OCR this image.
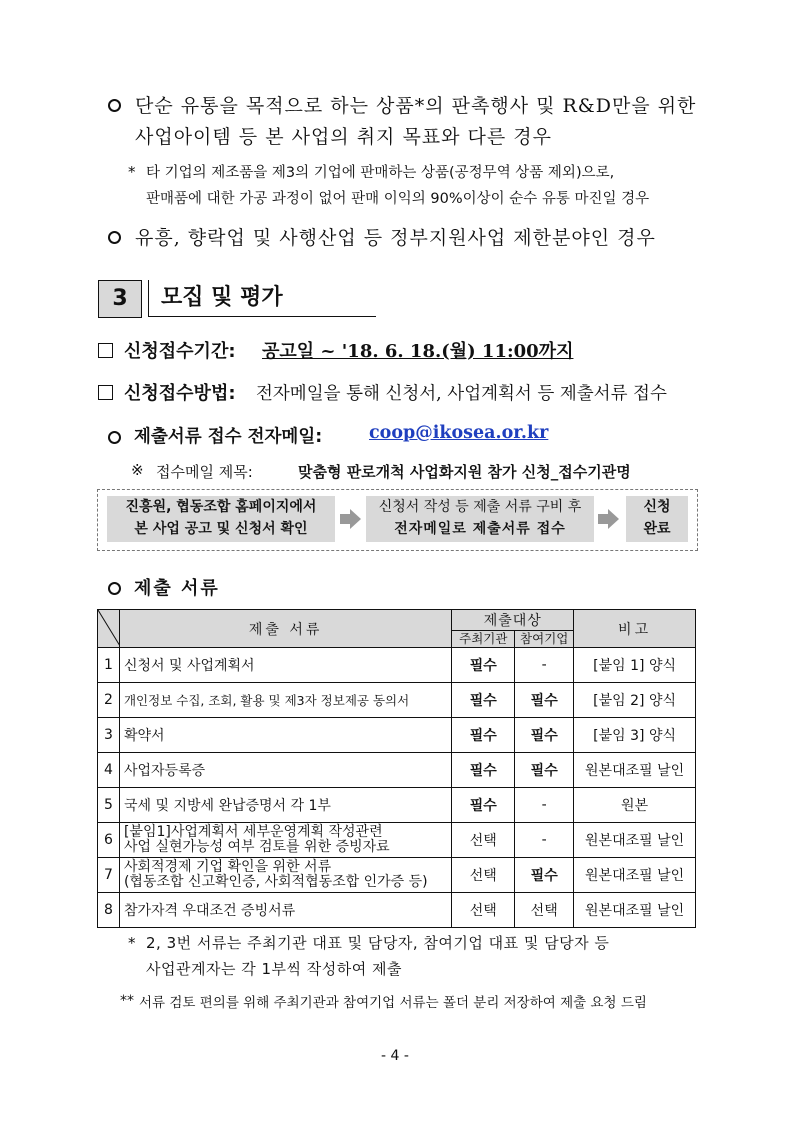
단순 유통을 목적으로 하는 상품*의 판촉행사 및 R&D만을 위한
사업아이템 등 본 사업의 취지 목표와 다른 경우
* 타 기업의 제조품을 제3의 기업에 판매하는 상품(공정무역 상품 제외)으로,
판매품에 대한 가공 과정이 없어 판매 이익의 90%이상이 순수 유통 마진일 경우
유흥, 향락업 및 사행산업 등 정부지원사업 제한분야인 경우
3	모집 및 평가
신청접수기간: 공고일 ~ '18. 6. 18.(월) 11:00까지
신청접수방법: 전자메일을 통해 신청서, 사업계획서 등 제출서류 접수
제출서류 접수 전자메일:	coop@ikosea.or.kr
※ 접수메일 제목:	맞춤형 판로개척 사업화지원 참가 신청_접수기관명
진흥원, 협동조합 홈페이지에서
본 사업 공고 및 신청서 확인
신청서 작성 등 제출 서류 구비 후
전자메일로 제출서류 접수
신청
완료
제출 서류
	제출 서류	제출대상		비고
		주최기관	참여기업	
1	신청서 및 사업계획서	필수	-	[붙임 1] 양식
2	개인정보 수집, 조회, 활용 및 제3자 정보제공 동의서	필수	필수	[붙임 2] 양식
3	확약서	필수	필수	[붙임 3] 양식
4	사업자등록증	필수	필수	원본대조필 날인
5	국세 및 지방세 완납증명서 각 1부	필수	-	원본
6	[붙임1]사업계획서 세부운영계획 작성관련
사업 실현가능성 여부 검토를 위한 증빙자료	선택	-	원본대조필 날인
7	사회적경제 기업 확인을 위한 서류
(협동조합 신고확인증, 사회적협동조합 인가증 등)	선택	필수	원본대조필 날인
8	참가자격 우대조건 증빙서류	선택	선택	원본대조필 날인
* 2, 3번 서류는 주최기관 대표 및 담당자, 참여기업 대표 및 담당자 등
사업관계자는 각 1부씩 작성하여 제출
** 서류 검토 편의를 위해 주최기관과 참여기업 서류는 폴더 분리 저장하여 제출 요청 드림
- 4 -
